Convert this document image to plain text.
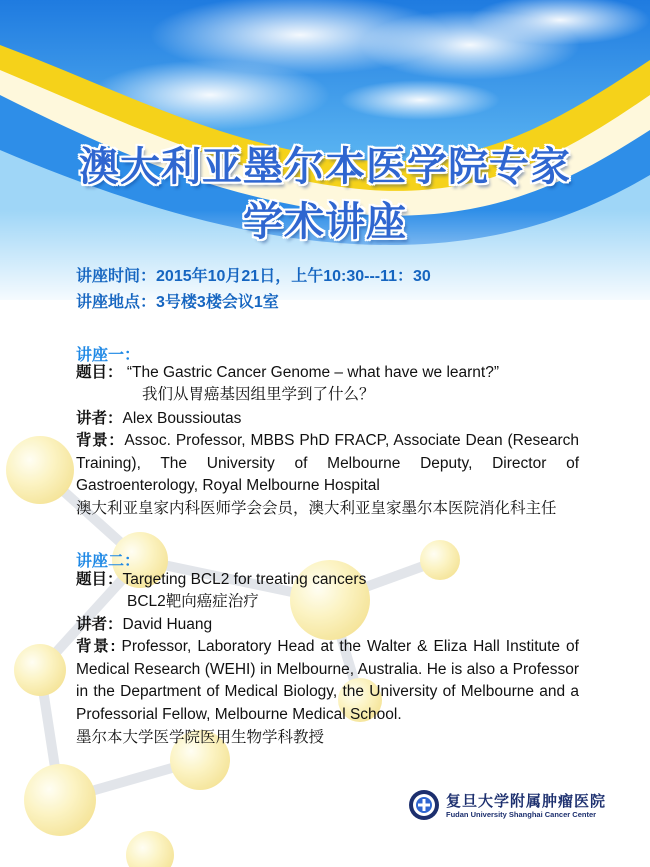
澳大利亚墨尔本医学院专家
学术讲座
讲座时间：2015年10月21日，上午10:30---11：30
讲座地点：3号楼3楼会议1室
讲座一：
题目： “The Gastric Cancer Genome – what have we learnt?”
我们从胃癌基因组里学到了什么？
讲者：Alex Boussioutas
背景：Assoc. Professor, MBBS PhD FRACP, Associate Dean (Research Training), The University of Melbourne Deputy, Director of Gastroenterology, Royal Melbourne Hospital
澳大利亚皇家内科医师学会会员，澳大利亚皇家墨尔本医院消化科主任
讲座二：
题目：Targeting BCL2 for treating cancers
BCL2靶向癌症治疗
讲者：David Huang
背景: Professor, Laboratory Head at the Walter & Eliza Hall Institute of Medical Research (WEHI) in Melbourne, Australia. He is also a Professor in the Department of Medical Biology, the University of Melbourne and a Professorial Fellow, Melbourne Medical School.
墨尔本大学医学院医用生物学科教授
复旦大学附属肿瘤医院
Fudan University Shanghai Cancer Center
